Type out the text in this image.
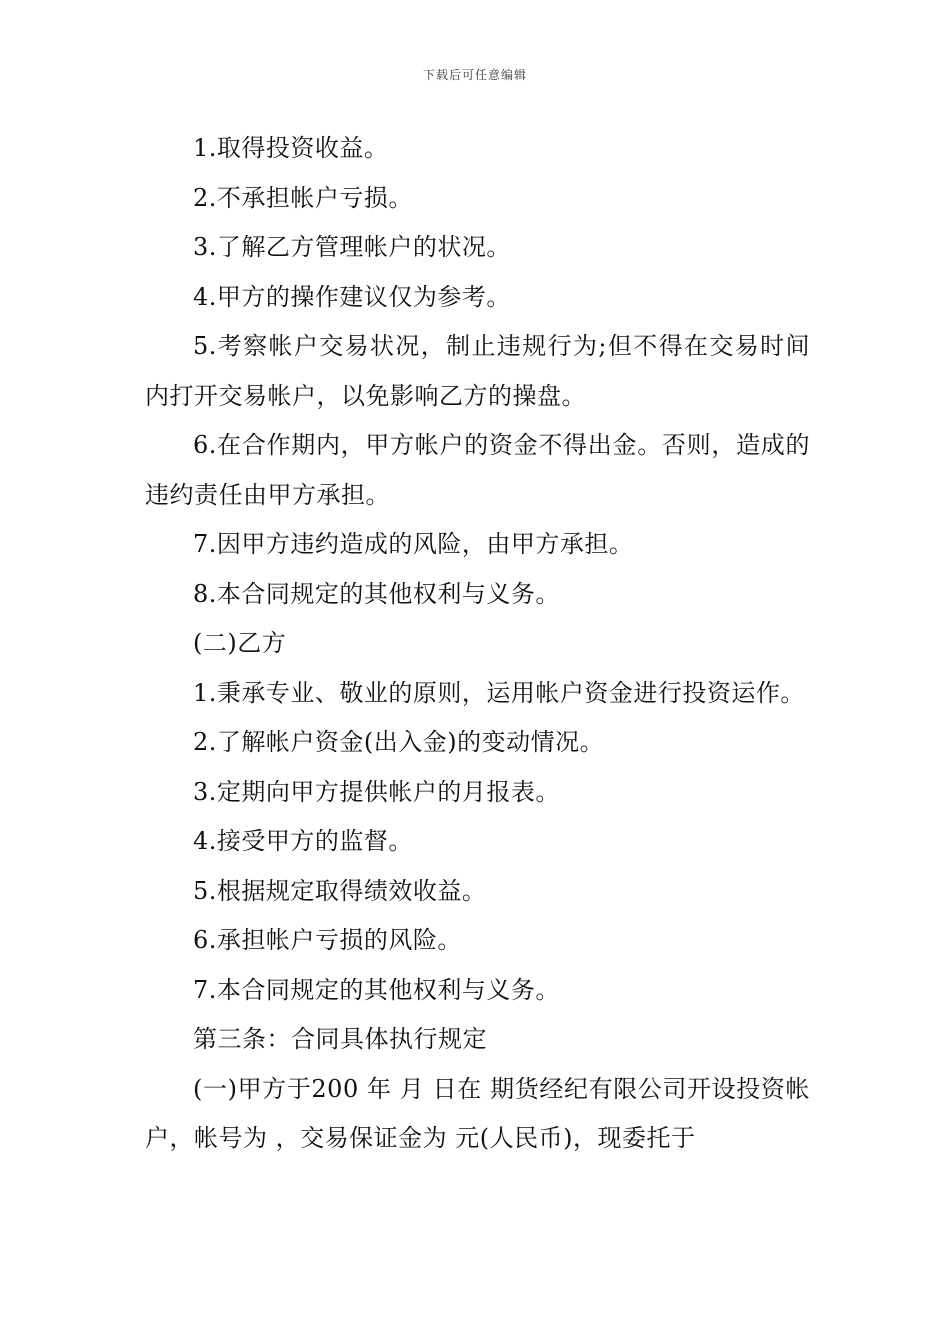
下载后可任意编辑

1.取得投资收益。

2.不承担帐户亏损。

3.了解乙方管理帐户的状况。

4.甲方的操作建议仅为参考。

5.考察帐户交易状况，制止违规行为;但不得在交易时间内打开交易帐户，以免影响乙方的操盘。

6.在合作期内，甲方帐户的资金不得出金。否则，造成的违约责任由甲方承担。

7.因甲方违约造成的风险，由甲方承担。

8.本合同规定的其他权利与义务。

(二)乙方

1.秉承专业、敬业的原则，运用帐户资金进行投资运作。

2.了解帐户资金(出入金)的变动情况。

3.定期向甲方提供帐户的月报表。

4.接受甲方的监督。

5.根据规定取得绩效收益。

6.承担帐户亏损的风险。

7.本合同规定的其他权利与义务。

第三条：合同具体执行规定

(一)甲方于200 年 月 日在 期货经纪有限公司开设投资帐户，帐号为 ，交易保证金为 元(人民币)，现委托于
